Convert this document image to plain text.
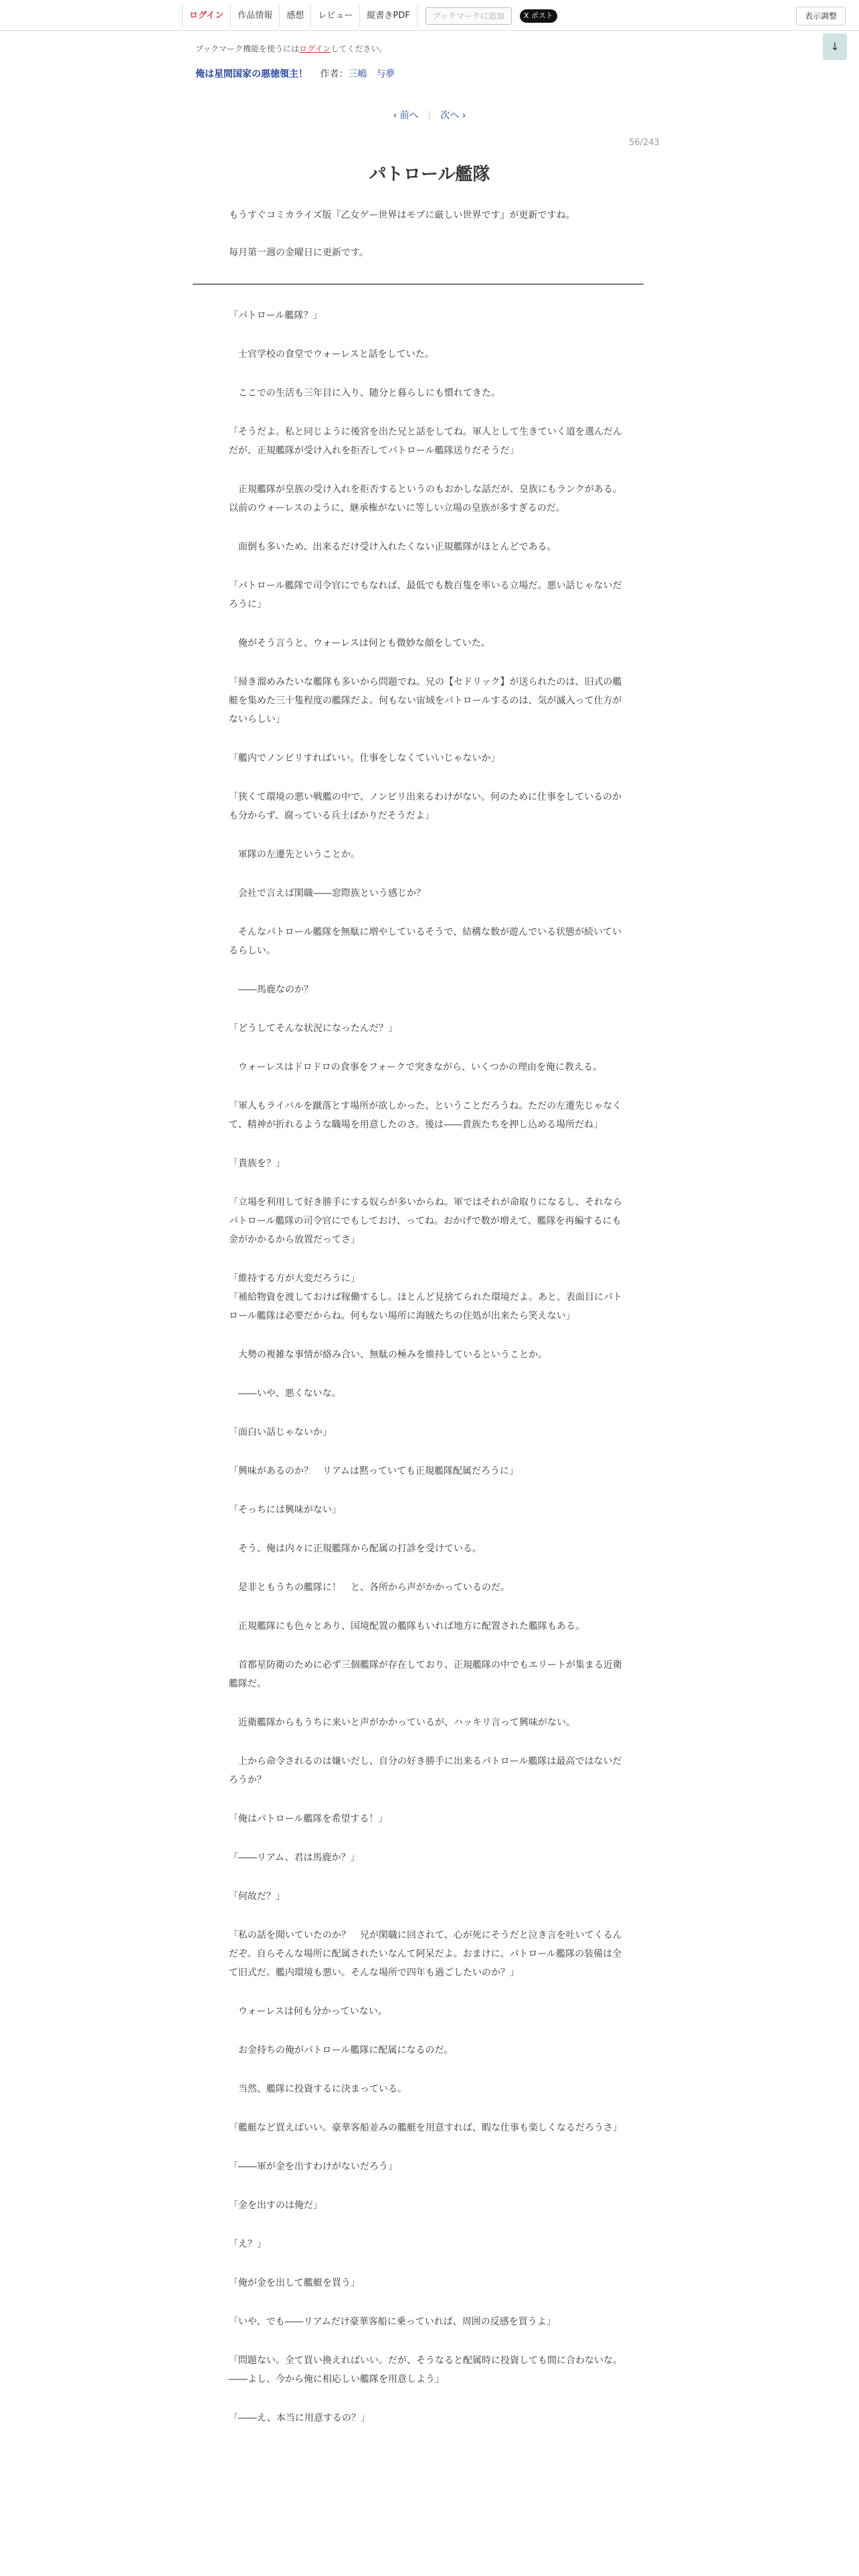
ログイン	作品情報	感想	レビュー	縦書きPDF	ブックマークに追加	X ポスト	表示調整
ブックマーク機能を使うにはログインしてください。	↓
俺は星間国家の悪徳領主！ 作者：三嶋　与夢
‹ 前へ | 次へ ›
56/243
パトロール艦隊

もうすぐコミカライズ版『乙女ゲー世界はモブに厳しい世界です』が更新ですね。

毎月第一週の金曜日に更新です。

「パトロール艦隊？」

　士官学校の食堂でウォーレスと話をしていた。

　ここでの生活も三年目に入り、随分と暮らしにも慣れてきた。

「そうだよ。私と同じように後宮を出た兄と話をしてね。軍人として生きていく道を選んだんだが、正規艦隊が受け入れを拒否してパトロール艦隊送りだそうだ」

　正規艦隊が皇族の受け入れを拒否するというのもおかしな話だが、皇族にもランクがある。以前のウォーレスのように、継承権がないに等しい立場の皇族が多すぎるのだ。

　面倒も多いため、出来るだけ受け入れたくない正規艦隊がほとんどである。

「パトロール艦隊で司令官にでもなれば、最低でも数百隻を率いる立場だ。悪い話じゃないだろうに」

　俺がそう言うと、ウォーレスは何とも微妙な顔をしていた。

「掃き溜めみたいな艦隊も多いから問題でね。兄の【セドリック】が送られたのは、旧式の艦艇を集めた三十隻程度の艦隊だよ。何もない宙域をパトロールするのは、気が滅入って仕方がないらしい」

「艦内でノンビリすればいい。仕事をしなくていいじゃないか」

「狭くて環境の悪い戦艦の中で、ノンビリ出来るわけがない。何のために仕事をしているのかも分からず、腐っている兵士ばかりだそうだよ」

　軍隊の左遷先ということか。

　会社で言えば閑職――窓際族という感じか？

　そんなパトロール艦隊を無駄に増やしているそうで、結構な数が遊んでいる状態が続いているらしい。

　――馬鹿なのか？

「どうしてそんな状況になったんだ？」

　ウォーレスはドロドロの食事をフォークで突きながら、いくつかの理由を俺に教える。

「軍人もライバルを蹴落とす場所が欲しかった、ということだろうね。ただの左遷先じゃなくて、精神が折れるような職場を用意したのさ。後は――貴族たちを押し込める場所だね」

「貴族を？」

「立場を利用して好き勝手にする奴らが多いからね。軍ではそれが命取りになるし、それならパトロール艦隊の司令官にでもしておけ、ってね。おかげで数が増えて、艦隊を再編するにも金がかかるから放置だってさ」

「維持する方が大変だろうに」
「補給物資を渡しておけば稼働するし。ほとんど見捨てられた環境だよ。あと、表面目にパトロール艦隊は必要だからね。何もない場所に海賊たちの住処が出来たら笑えない」

　大勢の複雑な事情が絡み合い、無駄の極みを維持しているということか。

　――いや、悪くないな。

「面白い話じゃないか」

「興味があるのか？　リアムは黙っていても正規艦隊配属だろうに」

「そっちには興味がない」

　そう、俺は内々に正規艦隊から配属の打診を受けている。

　是非ともうちの艦隊に！　と、各所から声がかかっているのだ。

　正規艦隊にも色々とあり、国境配置の艦隊もいれば地方に配置された艦隊もある。

　首都星防衛のために必ず三個艦隊が存在しており、正規艦隊の中でもエリートが集まる近衛艦隊だ。

　近衛艦隊からもうちに来いと声がかかっているが、ハッキリ言って興味がない。

　上から命令されるのは嫌いだし、自分の好き勝手に出来るパトロール艦隊は最高ではないだろうか？

「俺はパトロール艦隊を希望する！」

「――リアム、君は馬鹿か？」

「何故だ？」

「私の話を聞いていたのか？　兄が閑職に回されて、心が死にそうだと泣き言を吐いてくるんだぞ。自らそんな場所に配属されたいなんて阿呆だよ。おまけに、パトロール艦隊の装備は全て旧式だ。艦内環境も悪い。そんな場所で四年も過ごしたいのか？」

　ウォーレスは何も分かっていない。

　お金持ちの俺がパトロール艦隊に配属になるのだ。

　当然、艦隊に投資するに決まっている。

「艦艇など買えばいい。豪華客船並みの艦艇を用意すれば、暇な仕事も楽しくなるだろうさ」

「――軍が金を出すわけがないだろう」

「金を出すのは俺だ」

「え？」

「俺が金を出して艦艇を買う」

「いや、でも――リアムだけ豪華客船に乗っていれば、周囲の反感を買うよ」

「問題ない。全て買い換えればいい。だが、そうなると配属時に投資しても間に合わないな。――よし、今から俺に相応しい艦隊を用意しよう」

「――え、本当に用意するの？」
